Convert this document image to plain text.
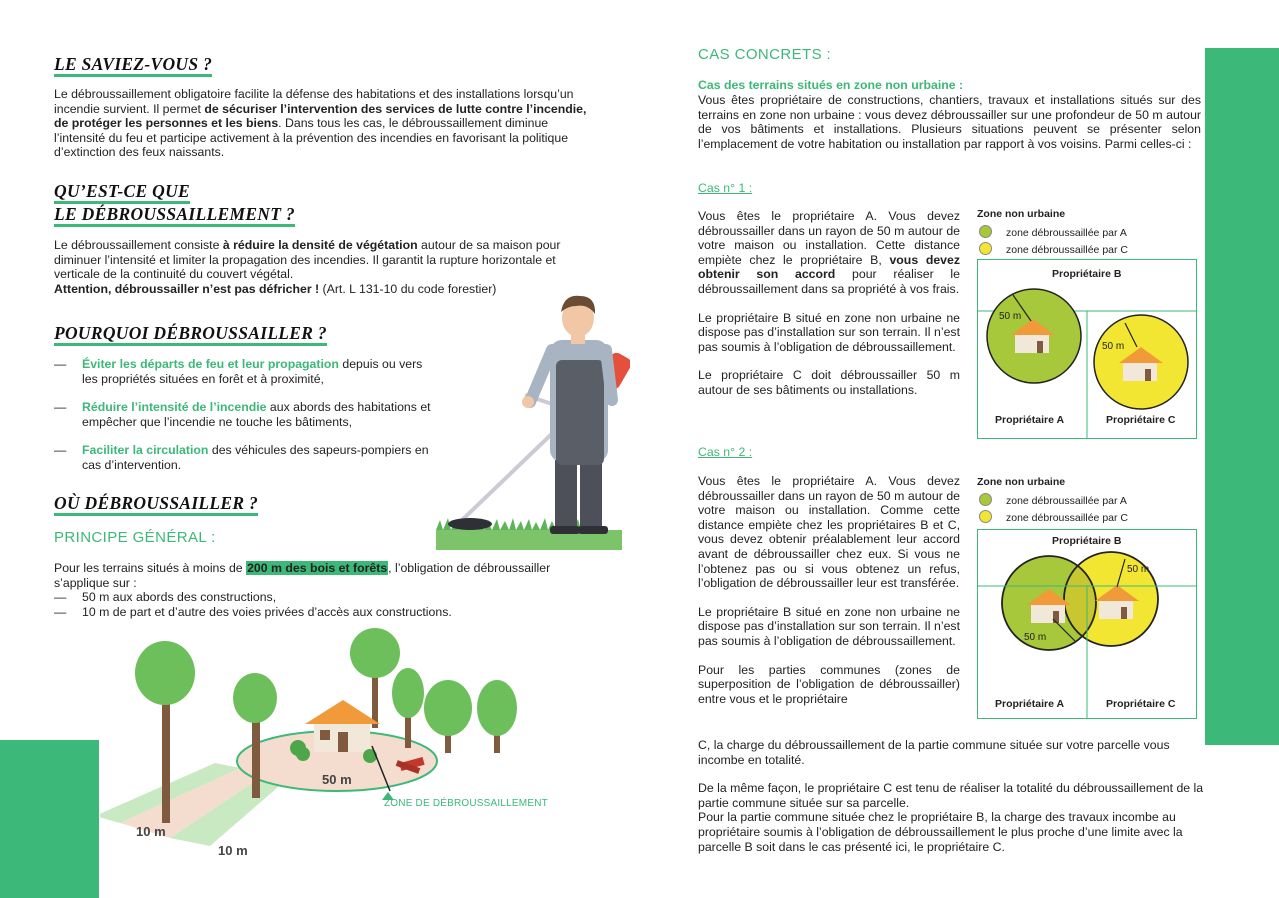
LE SAVIEZ-VOUS ?
Le débroussaillement obligatoire facilite la défense des habitations et des installations lorsqu’un incendie survient. Il permet de sécuriser l’intervention des services de lutte contre l’incendie, de protéger les personnes et les biens. Dans tous les cas, le débroussaillement diminue l’intensité du feu et participe activement à la prévention des incendies en favorisant la politique d’extinction des feux naissants.
QU’EST-CE QUE
LE DÉBROUSSAILLEMENT ?
Le débroussaillement consiste à réduire la densité de végétation autour de sa maison pour diminuer l’intensité et limiter la propagation des incendies. Il garantit la rupture horizontale et verticale de la continuité du couvert végétal.
Attention, débroussailler n’est pas défricher ! (Art. L 131-10 du code forestier)
POURQUOI DÉBROUSSAILLER ?
— Éviter les départs de feu et leur propagation depuis ou vers les propriétés situées en forêt et à proximité,
— Réduire l’intensité de l’incendie aux abords des habitations et empêcher que l’incendie ne touche les bâtiments,
— Faciliter la circulation des véhicules des sapeurs-pompiers en cas d’intervention.
OÙ DÉBROUSSAILLER ?
PRINCIPE GÉNÉRAL :
Pour les terrains situés à moins de 200 m des bois et forêts, l’obligation de débroussailler s’applique sur :
— 50 m aux abords des constructions,
— 10 m de part et d’autre des voies privées d’accès aux constructions.
50 m
10 m
10 m
ZONE DE DÉBROUSSAILLEMENT
CAS CONCRETS :
Cas des terrains situés en zone non urbaine :
Vous êtes propriétaire de constructions, chantiers, travaux et installations situés sur des terrains en zone non urbaine : vous devez débroussailler sur une profondeur de 50 m autour de vos bâtiments et installations. Plusieurs situations peuvent se présenter selon l’emplacement de votre habitation ou installation par rapport à vos voisins. Parmi celles-ci :
Cas n° 1 :
Vous êtes le propriétaire A. Vous devez débroussailler dans un rayon de 50 m autour de votre maison ou installation. Cette distance empiète chez le propriétaire B, vous devez obtenir son accord pour réaliser le débroussaillement dans sa propriété à vos frais.
Le propriétaire B situé en zone non urbaine ne dispose pas d’installation sur son terrain. Il n’est pas soumis à l’obligation de débroussaillement.
Le propriétaire C doit débroussailler 50 m autour de ses bâtiments ou installations.
Zone non urbaine
zone débroussaillée par A
zone débroussaillée par C
50 m
50 m
Propriétaire B
Propriétaire A	Propriétaire C
Cas n° 2 :
Vous êtes le propriétaire A. Vous devez débroussailler dans un rayon de 50 m autour de votre maison ou installation. Comme cette distance empiète chez les propriétaires B et C, vous devez obtenir préalablement leur accord avant de débroussailler chez eux. Si vous ne l’obtenez pas ou si vous obtenez un refus, l’obligation de débroussailler leur est transférée.
Le propriétaire B situé en zone non urbaine ne dispose pas d’installation sur son terrain. Il n’est pas soumis à l’obligation de débroussaillement.
Pour les parties communes (zones de superposition de l’obligation de débroussailler) entre vous et le propriétaire
C, la charge du débroussaillement de la partie commune située sur votre parcelle vous incombe en totalité.
De la même façon, le propriétaire C est tenu de réaliser la totalité du débroussaillement de la partie commune située sur sa parcelle.
Pour la partie commune située chez le propriétaire B, la charge des travaux incombe au propriétaire soumis à l’obligation de débroussaillement le plus proche d’une limite avec la parcelle B soit dans le cas présenté ici, le propriétaire C.
Zone non urbaine
zone débroussaillée par A
zone débroussaillée par C
50 m
50 m
Propriétaire B
Propriétaire A	Propriétaire C
